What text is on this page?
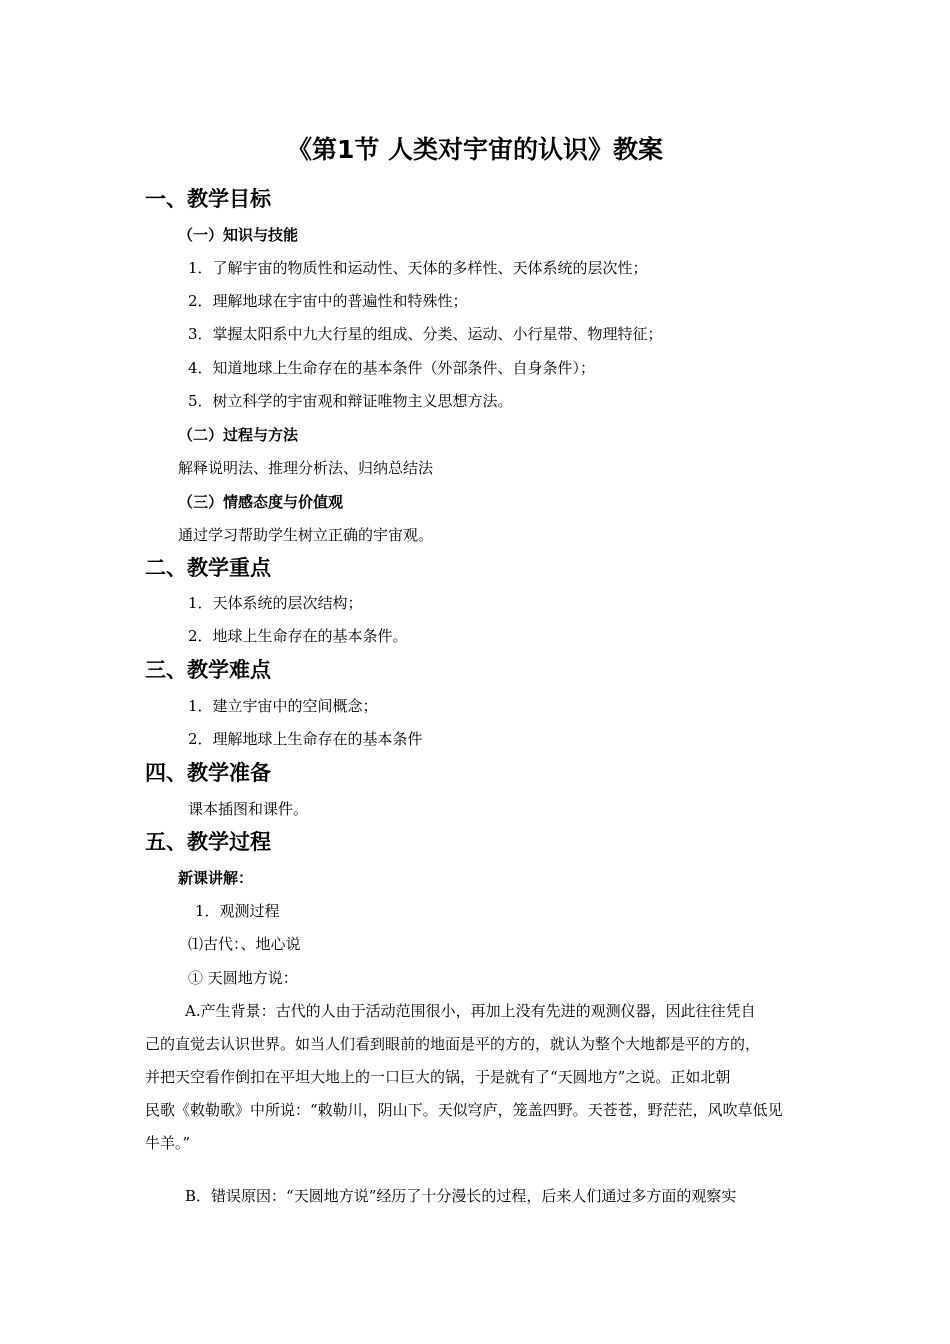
《第1节 人类对宇宙的认识》教案
一、教学目标
（一）知识与技能
1．了解宇宙的物质性和运动性、天体的多样性、天体系统的层次性；
2．理解地球在宇宙中的普遍性和特殊性；
3．掌握太阳系中九大行星的组成、分类、运动、小行星带、物理特征；
4．知道地球上生命存在的基本条件（外部条件、自身条件）；
5．树立科学的宇宙观和辩证唯物主义思想方法。
（二）过程与方法
解释说明法、推理分析法、归纳总结法
（三）情感态度与价值观
通过学习帮助学生树立正确的宇宙观。
二、教学重点
1．天体系统的层次结构；
2．地球上生命存在的基本条件。
三、教学难点
1．建立宇宙中的空间概念；
2．理解地球上生命存在的基本条件
四、教学准备
课本插图和课件。
五、教学过程
新课讲解：
1．观测过程
⑴古代：、地心说
① 天圆地方说：
A.产生背景：古代的人由于活动范围很小，再加上没有先进的观测仪器，因此往往凭自
己的直觉去认识世界。如当人们看到眼前的地面是平的方的，就认为整个大地都是平的方的，
并把天空看作倒扣在平坦大地上的一口巨大的锅，于是就有了“天圆地方”之说。正如北朝
民歌《敕勒歌》中所说：“敕勒川，阴山下。天似穹庐，笼盖四野。天苍苍，野茫茫，风吹草低见
牛羊。”
B．错误原因：“天圆地方说”经历了十分漫长的过程，后来人们通过多方面的观察实
